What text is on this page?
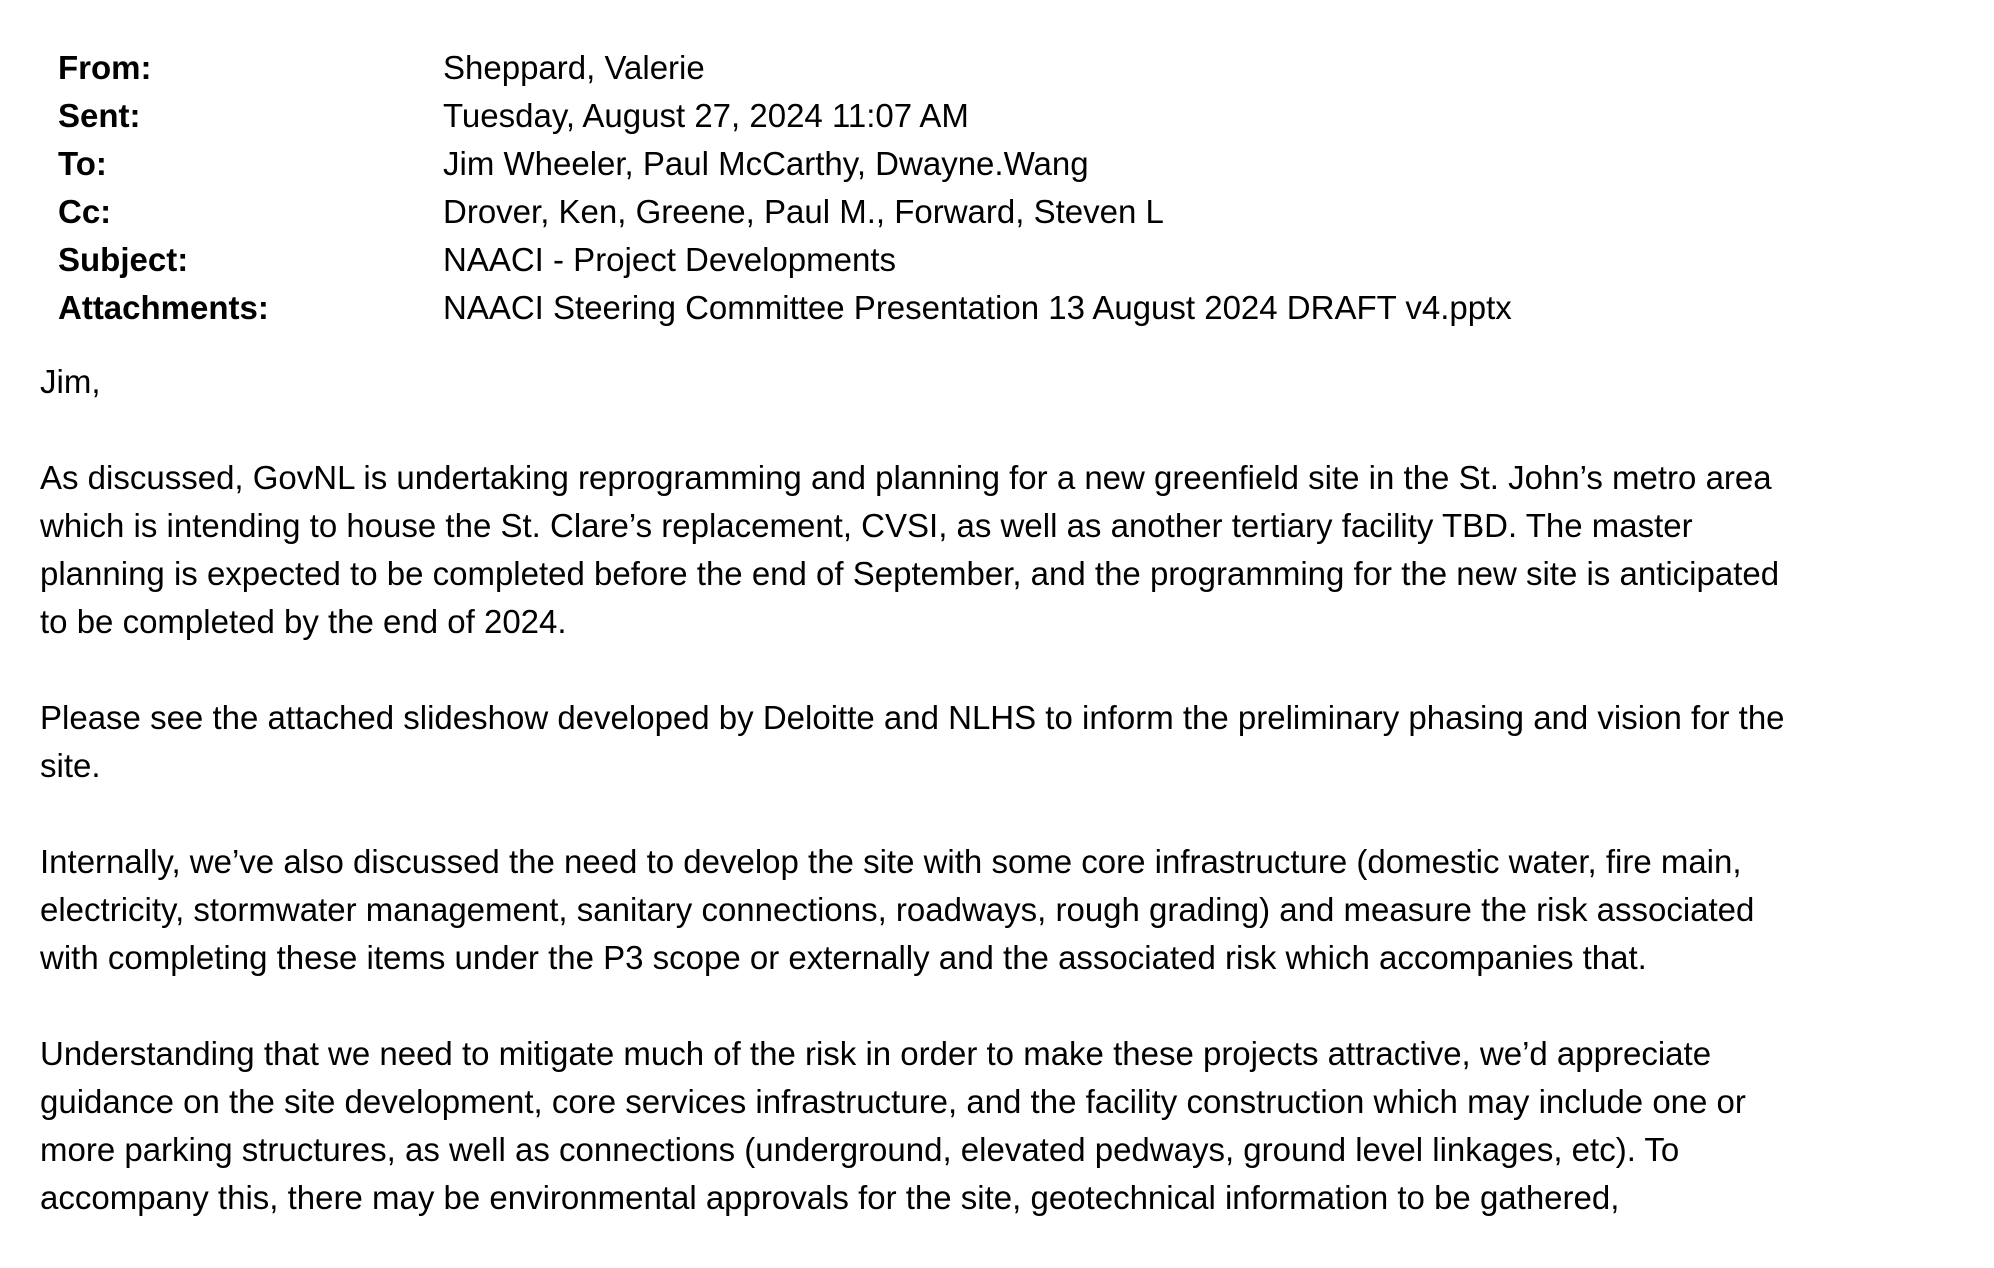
From:	Sheppard, Valerie
Sent:	Tuesday, August 27, 2024 11:07 AM
To:	Jim Wheeler, Paul McCarthy, Dwayne.Wang
Cc:	Drover, Ken, Greene, Paul M., Forward, Steven L
Subject:	NAACI - Project Developments
Attachments:	NAACI Steering Committee Presentation 13 August 2024 DRAFT v4.pptx

Jim,

As discussed, GovNL is undertaking reprogramming and planning for a new greenfield site in the St. John’s metro area
which is intending to house the St. Clare’s replacement, CVSI, as well as another tertiary facility TBD. The master
planning is expected to be completed before the end of September, and the programming for the new site is anticipated
to be completed by the end of 2024.

Please see the attached slideshow developed by Deloitte and NLHS to inform the preliminary phasing and vision for the
site.

Internally, we’ve also discussed the need to develop the site with some core infrastructure (domestic water, fire main,
electricity, stormwater management, sanitary connections, roadways, rough grading) and measure the risk associated
with completing these items under the P3 scope or externally and the associated risk which accompanies that.

Understanding that we need to mitigate much of the risk in order to make these projects attractive, we’d appreciate
guidance on the site development, core services infrastructure, and the facility construction which may include one or
more parking structures, as well as connections (underground, elevated pedways, ground level linkages, etc). To
accompany this, there may be environmental approvals for the site, geotechnical information to be gathered,
